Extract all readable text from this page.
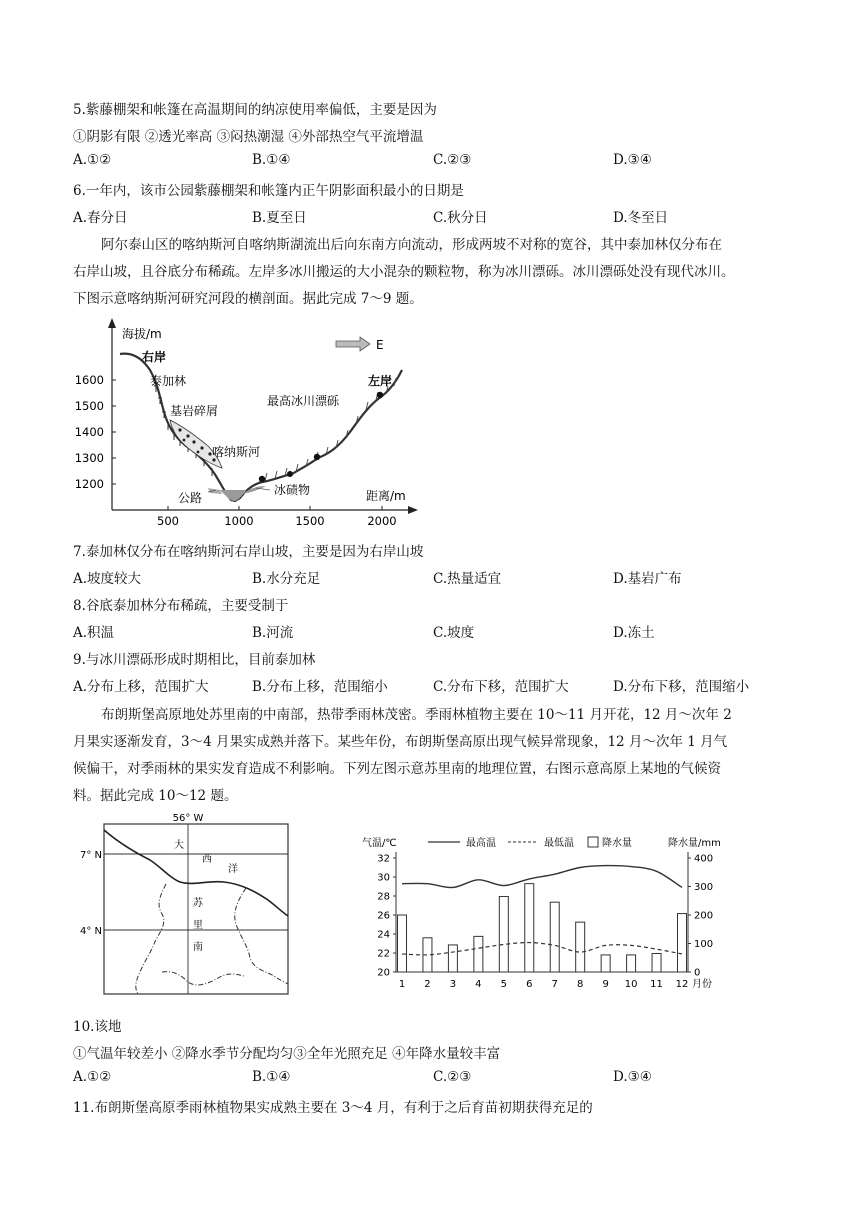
5.紫藤棚架和帐篷在高温期间的纳凉使用率偏低，主要是因为
①阴影有限 ②透光率高 ③闷热潮湿 ④外部热空气平流增温
A.①②	B.①④	C.②③	D.③④
6.一年内，该市公园紫藤棚架和帐篷内正午阴影面积最小的日期是
A.春分日	B.夏至日	C.秋分日	D.冬至日
阿尔泰山区的喀纳斯河自喀纳斯湖流出后向东南方向流动，形成两坡不对称的宽谷，其中泰加林仅分布在
右岸山坡，且谷底分布稀疏。左岸多冰川搬运的大小混杂的颗粒物，称为冰川漂砾。冰川漂砾处没有现代冰川。
下图示意喀纳斯河研究河段的横剖面。据此完成 7～9 题。
海拔/m
距离/m
1600
1500
1400
1300
1200
500	1000	1500	2000
E
右岸
左岸
泰加林
基岩碎屑
最高冰川漂砾
喀纳斯河
公路
冰碛物
7.泰加林仅分布在喀纳斯河右岸山坡，主要是因为右岸山坡
A.坡度较大	B.水分充足	C.热量适宜	D.基岩广布
8.谷底泰加林分布稀疏，主要受制于
A.积温	B.河流	C.坡度	D.冻土
9.与冰川漂砾形成时期相比，目前泰加林
A.分布上移，范围扩大	B.分布上移，范围缩小	C.分布下移，范围扩大	D.分布下移，范围缩小
布朗斯堡高原地处苏里南的中南部，热带季雨林茂密。季雨林植物主要在 10～11 月开花，12 月～次年 2
月果实逐渐发育，3～4 月果实成熟并落下。某些年份，布朗斯堡高原出现气候异常现象，12 月～次年 1 月气
候偏干，对季雨林的果实发育造成不利影响。下列左图示意苏里南的地理位置，右图示意高原上某地的气候资
料。据此完成 10～12 题。
56° W
7° N
4° N
大
西
洋
苏
里
南
气温/℃	最高温	最低温	降水量	降水量/mm
32
30
28
26
24
22
20
400
300
200
100
0
1 2 3 4 5 6 7 8 9 10 11 12 月份
10.该地
①气温年较差小 ②降水季节分配均匀③全年光照充足 ④年降水量较丰富
A.①②	B.①④	C.②③	D.③④
11.布朗斯堡高原季雨林植物果实成熟主要在 3～4 月，有利于之后育苗初期获得充足的
